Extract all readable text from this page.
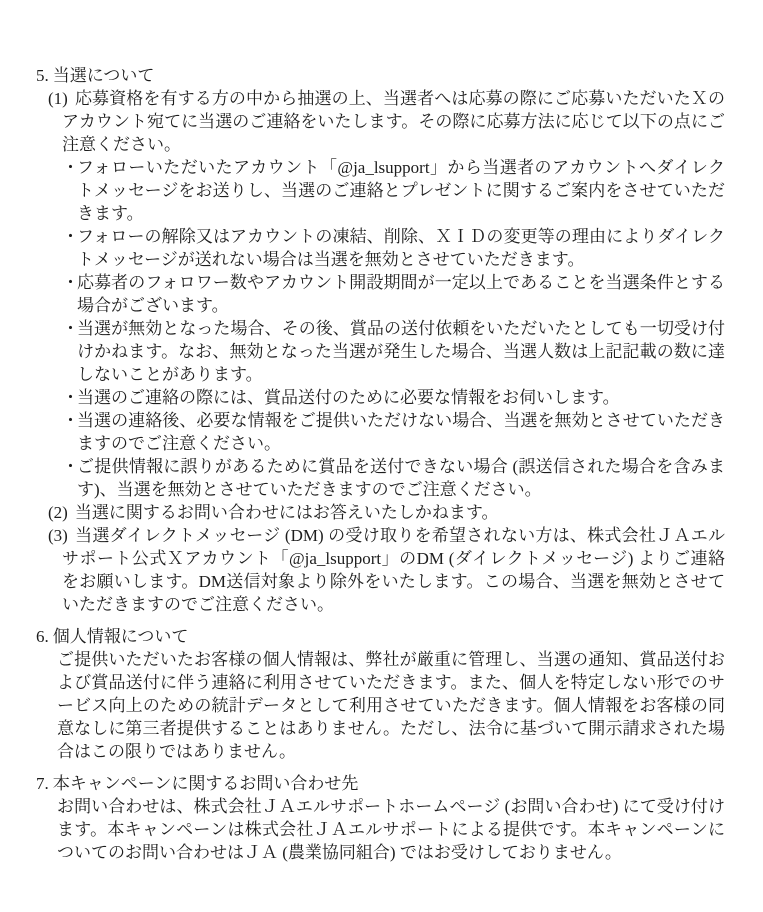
5. 当選について
(1) 応募資格を有する方の中から抽選の上、当選者へは応募の際にご応募いただいたＸのアカウント宛てに当選のご連絡をいたします。その際に応募方法に応じて以下の点にご注意ください。
・
フォローいただいたアカウント「@ja_lsupport」から当選者のアカウントへダイレクトメッセージをお送りし、当選のご連絡とプレゼントに関するご案内をさせていただきます。
・
フォローの解除又はアカウントの凍結、削除、ＸＩＤの変更等の理由によりダイレクトメッセージが送れない場合は当選を無効とさせていただきます。
・
応募者のフォロワー数やアカウント開設期間が一定以上であることを当選条件とする場合がございます。
・
当選が無効となった場合、その後、賞品の送付依頼をいただいたとしても一切受け付けかねます。なお、無効となった当選が発生した場合、当選人数は上記記載の数に達しないことがあります。
・
当選のご連絡の際には、賞品送付のために必要な情報をお伺いします。
・
当選の連絡後、必要な情報をご提供いただけない場合、当選を無効とさせていただきますのでご注意ください。
・
ご提供情報に誤りがあるために賞品を送付できない場合 (誤送信された場合を含みます)、当選を無効とさせていただきますのでご注意ください。
(2) 当選に関するお問い合わせにはお答えいたしかねます。
(3) 当選ダイレクトメッセージ (DM) の受け取りを希望されない方は、株式会社ＪＡエルサポート公式Ｘアカウント「@ja_lsupport」のDM (ダイレクトメッセージ) よりご連絡をお願いします。DM送信対象より除外をいたします。この場合、当選を無効とさせていただきますのでご注意ください。
6. 個人情報について
ご提供いただいたお客様の個人情報は、弊社が厳重に管理し、当選の通知、賞品送付および賞品送付に伴う連絡に利用させていただきます。また、個人を特定しない形でのサービス向上のための統計データとして利用させていただきます。個人情報をお客様の同意なしに第三者提供することはありません。ただし、法令に基づいて開示請求された場合はこの限りではありません。
7. 本キャンペーンに関するお問い合わせ先
お問い合わせは、株式会社ＪＡエルサポートホームページ (お問い合わせ) にて受け付けます。本キャンペーンは株式会社ＪＡエルサポートによる提供です。本キャンペーンについてのお問い合わせはＪＡ (農業協同組合) ではお受けしておりません。
